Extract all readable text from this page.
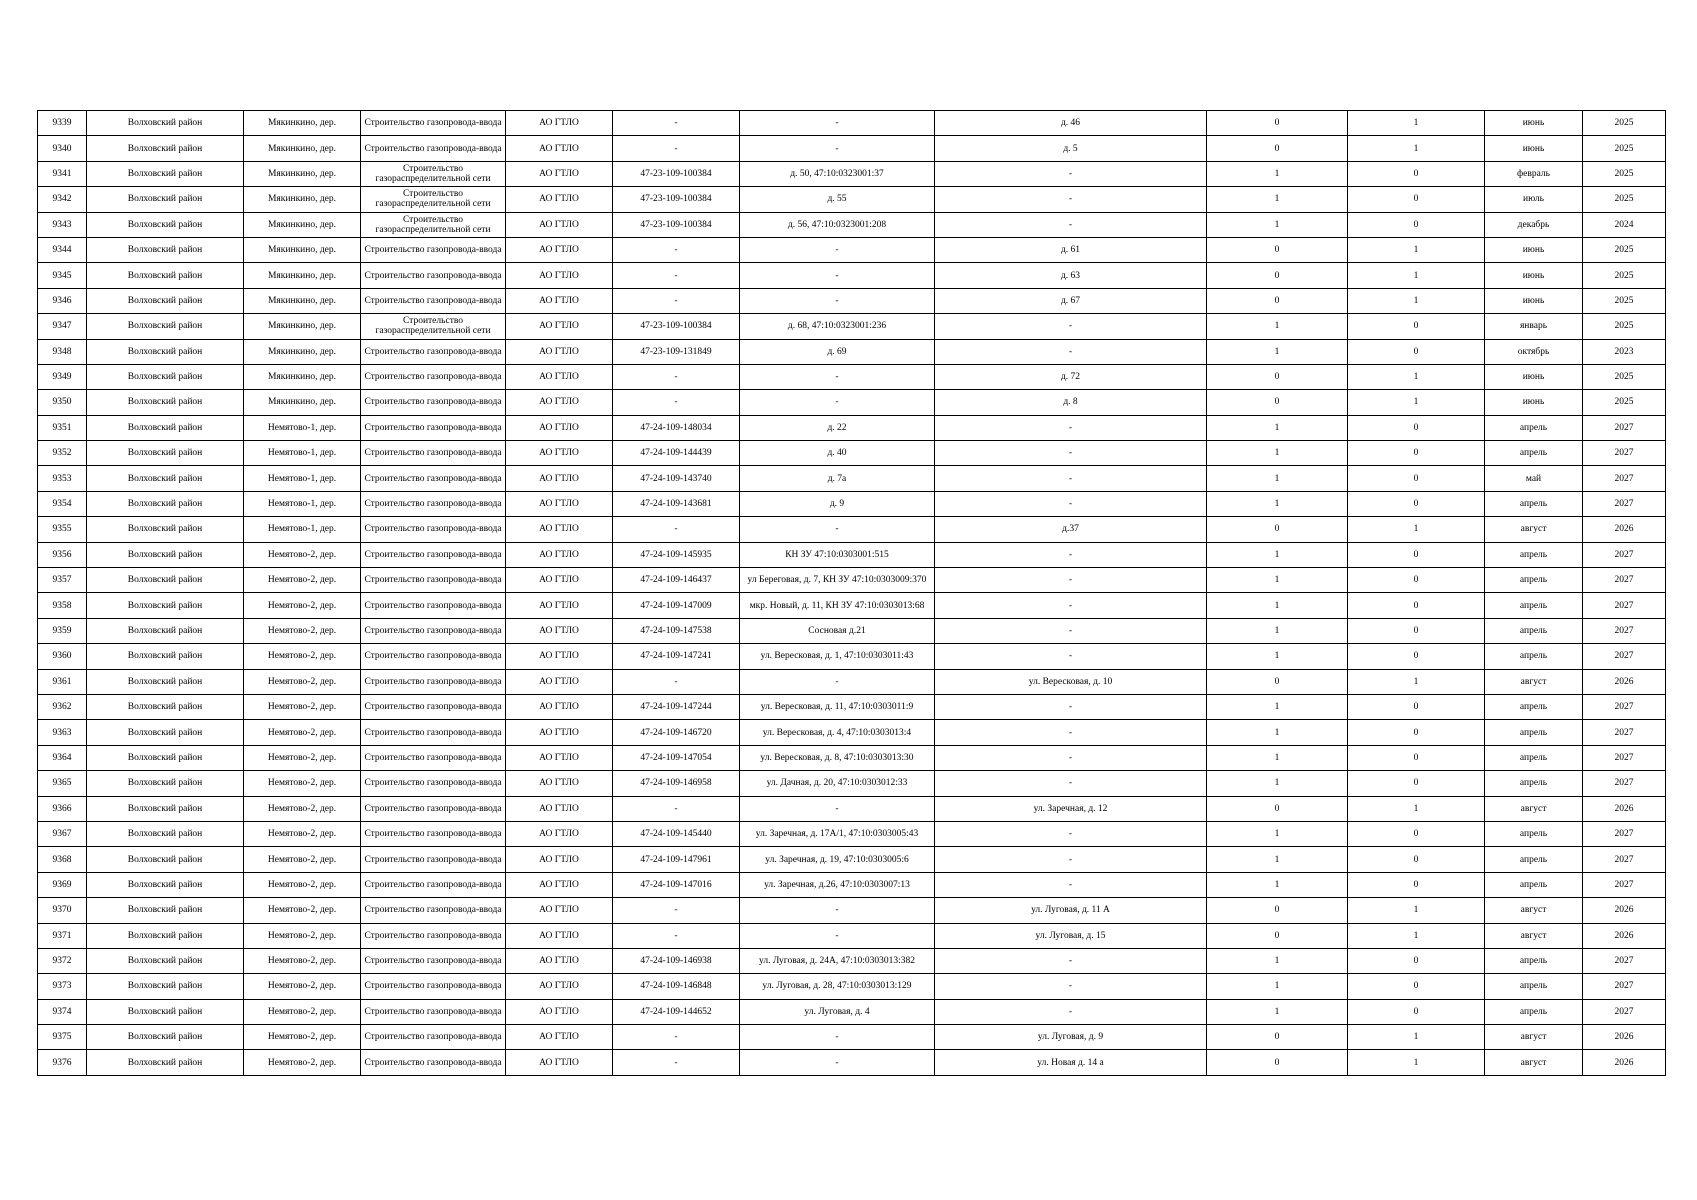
9339	Волховский район	Мякинкино, дер.	Строительство газопровода-ввода	АО ГТЛО	-	-	д. 46	0	1	июнь	2025
9340	Волховский район	Мякинкино, дер.	Строительство газопровода-ввода	АО ГТЛО	-	-	д. 5	0	1	июнь	2025
9341	Волховский район	Мякинкино, дер.	Строительство газораспределительной сети	АО ГТЛО	47-23-109-100384	д. 50, 47:10:0323001:37	-	1	0	февраль	2025
9342	Волховский район	Мякинкино, дер.	Строительство газораспределительной сети	АО ГТЛО	47-23-109-100384	д. 55	-	1	0	июль	2025
9343	Волховский район	Мякинкино, дер.	Строительство газораспределительной сети	АО ГТЛО	47-23-109-100384	д. 56, 47:10:0323001:208	-	1	0	декабрь	2024
9344	Волховский район	Мякинкино, дер.	Строительство газопровода-ввода	АО ГТЛО	-	-	д. 61	0	1	июнь	2025
9345	Волховский район	Мякинкино, дер.	Строительство газопровода-ввода	АО ГТЛО	-	-	д. 63	0	1	июнь	2025
9346	Волховский район	Мякинкино, дер.	Строительство газопровода-ввода	АО ГТЛО	-	-	д. 67	0	1	июнь	2025
9347	Волховский район	Мякинкино, дер.	Строительство газораспределительной сети	АО ГТЛО	47-23-109-100384	д. 68, 47:10:0323001:236	-	1	0	январь	2025
9348	Волховский район	Мякинкино, дер.	Строительство газопровода-ввода	АО ГТЛО	47-23-109-131849	д. 69	-	1	0	октябрь	2023
9349	Волховский район	Мякинкино, дер.	Строительство газопровода-ввода	АО ГТЛО	-	-	д. 72	0	1	июнь	2025
9350	Волховский район	Мякинкино, дер.	Строительство газопровода-ввода	АО ГТЛО	-	-	д. 8	0	1	июнь	2025
9351	Волховский район	Немятово-1, дер.	Строительство газопровода-ввода	АО ГТЛО	47-24-109-148034	д. 22	-	1	0	апрель	2027
9352	Волховский район	Немятово-1, дер.	Строительство газопровода-ввода	АО ГТЛО	47-24-109-144439	д. 40	-	1	0	апрель	2027
9353	Волховский район	Немятово-1, дер.	Строительство газопровода-ввода	АО ГТЛО	47-24-109-143740	д. 7а	-	1	0	май	2027
9354	Волховский район	Немятово-1, дер.	Строительство газопровода-ввода	АО ГТЛО	47-24-109-143681	д. 9	-	1	0	апрель	2027
9355	Волховский район	Немятово-1, дер.	Строительство газопровода-ввода	АО ГТЛО	-	-	д.37	0	1	август	2026
9356	Волховский район	Немятово-2, дер.	Строительство газопровода-ввода	АО ГТЛО	47-24-109-145935	КН ЗУ 47:10:0303001:515	-	1	0	апрель	2027
9357	Волховский район	Немятово-2, дер.	Строительство газопровода-ввода	АО ГТЛО	47-24-109-146437	ул Береговая, д. 7, КН ЗУ 47:10:0303009:370	-	1	0	апрель	2027
9358	Волховский район	Немятово-2, дер.	Строительство газопровода-ввода	АО ГТЛО	47-24-109-147009	мкр. Новый, д. 11, КН ЗУ 47:10:0303013:68	-	1	0	апрель	2027
9359	Волховский район	Немятово-2, дер.	Строительство газопровода-ввода	АО ГТЛО	47-24-109-147538	Сосновая д.21	-	1	0	апрель	2027
9360	Волховский район	Немятово-2, дер.	Строительство газопровода-ввода	АО ГТЛО	47-24-109-147241	ул. Вересковая, д. 1, 47:10:0303011:43	-	1	0	апрель	2027
9361	Волховский район	Немятово-2, дер.	Строительство газопровода-ввода	АО ГТЛО	-	-	ул. Вересковая, д. 10	0	1	август	2026
9362	Волховский район	Немятово-2, дер.	Строительство газопровода-ввода	АО ГТЛО	47-24-109-147244	ул. Вересковая, д. 11, 47:10:0303011:9	-	1	0	апрель	2027
9363	Волховский район	Немятово-2, дер.	Строительство газопровода-ввода	АО ГТЛО	47-24-109-146720	ул. Вересковая, д. 4, 47:10:0303013:4	-	1	0	апрель	2027
9364	Волховский район	Немятово-2, дер.	Строительство газопровода-ввода	АО ГТЛО	47-24-109-147054	ул. Вересковая, д. 8, 47:10:0303013:30	-	1	0	апрель	2027
9365	Волховский район	Немятово-2, дер.	Строительство газопровода-ввода	АО ГТЛО	47-24-109-146958	ул. Дачная, д. 20, 47:10:0303012:33	-	1	0	апрель	2027
9366	Волховский район	Немятово-2, дер.	Строительство газопровода-ввода	АО ГТЛО	-	-	ул. Заречная, д. 12	0	1	август	2026
9367	Волховский район	Немятово-2, дер.	Строительство газопровода-ввода	АО ГТЛО	47-24-109-145440	ул. Заречная, д. 17А/1, 47:10:0303005:43	-	1	0	апрель	2027
9368	Волховский район	Немятово-2, дер.	Строительство газопровода-ввода	АО ГТЛО	47-24-109-147961	ул. Заречная, д. 19, 47:10:0303005:6	-	1	0	апрель	2027
9369	Волховский район	Немятово-2, дер.	Строительство газопровода-ввода	АО ГТЛО	47-24-109-147016	ул. Заречная, д.26, 47:10:0303007:13	-	1	0	апрель	2027
9370	Волховский район	Немятово-2, дер.	Строительство газопровода-ввода	АО ГТЛО	-	-	ул. Луговая, д. 11 А	0	1	август	2026
9371	Волховский район	Немятово-2, дер.	Строительство газопровода-ввода	АО ГТЛО	-	-	ул. Луговая, д. 15	0	1	август	2026
9372	Волховский район	Немятово-2, дер.	Строительство газопровода-ввода	АО ГТЛО	47-24-109-146938	ул. Луговая, д. 24А, 47:10:0303013:382	-	1	0	апрель	2027
9373	Волховский район	Немятово-2, дер.	Строительство газопровода-ввода	АО ГТЛО	47-24-109-146848	ул. Луговая, д. 28, 47:10:0303013:129	-	1	0	апрель	2027
9374	Волховский район	Немятово-2, дер.	Строительство газопровода-ввода	АО ГТЛО	47-24-109-144652	ул. Луговая, д. 4	-	1	0	апрель	2027
9375	Волховский район	Немятово-2, дер.	Строительство газопровода-ввода	АО ГТЛО	-	-	ул. Луговая, д. 9	0	1	август	2026
9376	Волховский район	Немятово-2, дер.	Строительство газопровода-ввода	АО ГТЛО	-	-	ул. Новая д. 14 а	0	1	август	2026
